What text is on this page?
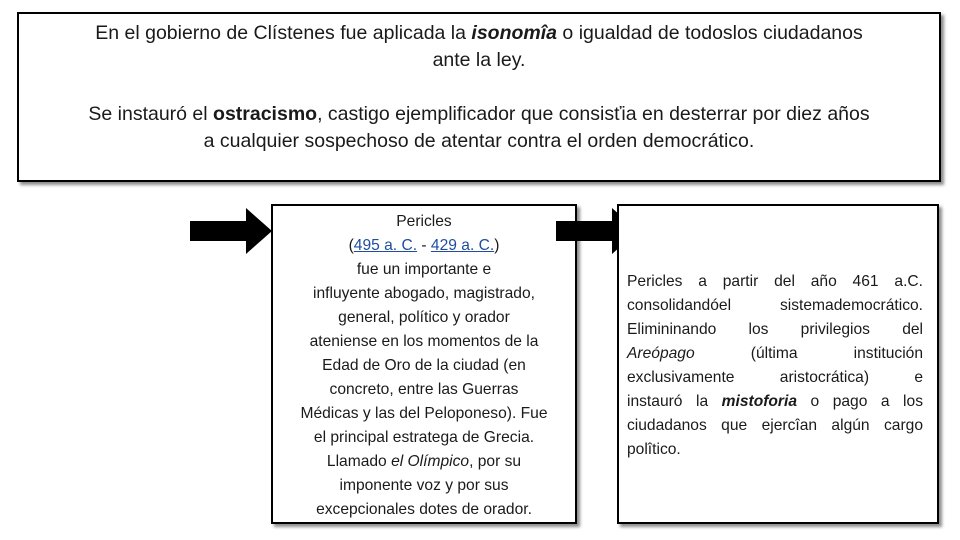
En el gobierno de Clístenes fue aplicada la isonomîa o igualdad de todoslos ciudadanos
ante la ley.

Se instauró el ostracismo, castigo ejemplificador que consisťia en desterrar por diez años
a cualquier sospechoso de atentar contra el orden democrático.

Pericles
(495 a. C. - 429 a. C.)
fue un importante e
influyente abogado, magistrado,
general, político y orador
ateniense en los momentos de la
Edad de Oro de la ciudad (en
concreto, entre las Guerras
Médicas y las del Peloponeso). Fue
el principal estratega de Grecia.
Llamado el Olímpico, por su
imponente voz y por sus
excepcionales dotes de orador.
Pericles a partir del año 461 a.C.
consolidandóel sistemademocrático.
Elimininando los privilegios del
Areópago (última institución
exclusivamente aristocrática) e
instauró la mistoforia o pago a los
ciudadanos que ejercîan algún cargo
polîtico.
